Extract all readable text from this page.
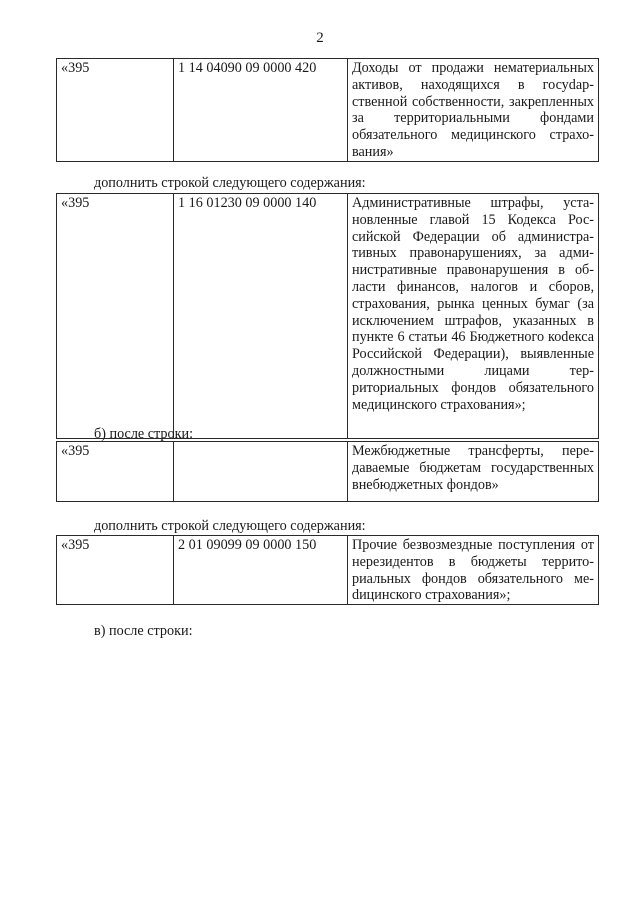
2
«395	1 14 04090 09 0000 420	Доходы от продажи нематериальных активов, находящихся в госуdарственной собственности, закрепленных за территориальными фондами обязательного медицинского страхования»
дополнить строкой следующего содержания:
«395	1 16 01230 09 0000 140	Административные штрафы, установленные главой 15 Кодекса Российской Федерации об административных правонарушениях, за административные правонарушения в области финансов, налогов и сборов, страхования, рынка ценных бумаг (за исключением штрафов, указанных в пункте 6 статьи 46 Бюджетного коdекса Российской Федерации), выявленные должностными лицами территориальных фондов обязательного медицинского страхования»;
б) после строки:
«395		Межбюджетные трансферты, передаваемые бюджетам государственных внебюджетных фондов»
дополнить строкой следующего содержания:
«395	2 01 09099 09 0000 150	Прочие безвозмездные поступления от нерезидентов в бюджеты территориальных фондов обязательного меdицинского страхования»;
в) после строки:
